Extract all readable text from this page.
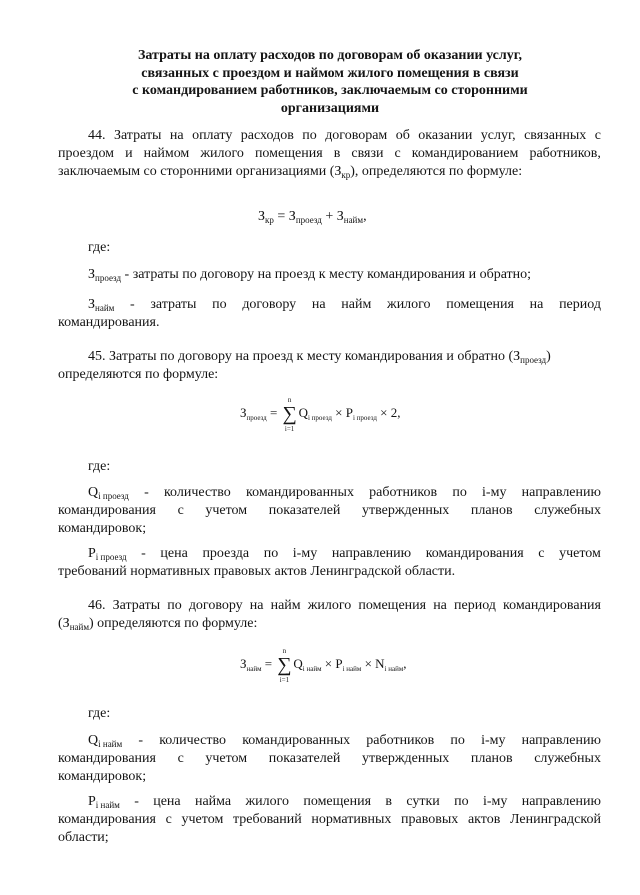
Затраты на оплату расходов по договорам об оказании услуг,
связанных с проездом и наймом жилого помещения в связи
с командированием работников, заключаемым со сторонними
организациями
44. Затраты на оплату расходов по договорам об оказании услуг, связанных с
проездом и наймом жилого помещения в связи с командированием работников,
заключаемым со сторонними организациями $(З_{кр})$, определяются по формуле:
$З_{кр} = З_{проезд} + З_{найм}$,
где:
$З_{проезд}$ - затраты по договору на проезд к месту командирования и обратно;
$З_{найм}$ - затраты по договору на найм жилого помещения на период
командирования.
45. Затраты по договору на проезд к месту командирования и обратно $(З_{проезд})$
определяются по формуле:
$З_{проезд}$ =
n
∑
i=1
$Q_{i проезд} \times P_{i проезд} \times 2$,
где:
$Q_{i проезд}$ - количество командированных работников по i-му направлению
командирования с учетом показателей утвержденных планов служебных
командировок;
$P_{i проезд}$ - цена проезда по i-му направлению командирования с учетом
требований нормативных правовых актов Ленинградской области.
46. Затраты по договору на найм жилого помещения на период командирования
$(З_{найм})$ определяются по формуле:
$З_{найм}$ =
n
∑
i=1
$Q_{i найм} \times P_{i найм} \times N_{i найм}$,
где:
$Q_{i найм}$ - количество командированных работников по i-му направлению
командирования с учетом показателей утвержденных планов служебных
командировок;
$P_{i найм}$ - цена найма жилого помещения в сутки по i-му направлению
командирования с учетом требований нормативных правовых актов Ленинградской
области;
